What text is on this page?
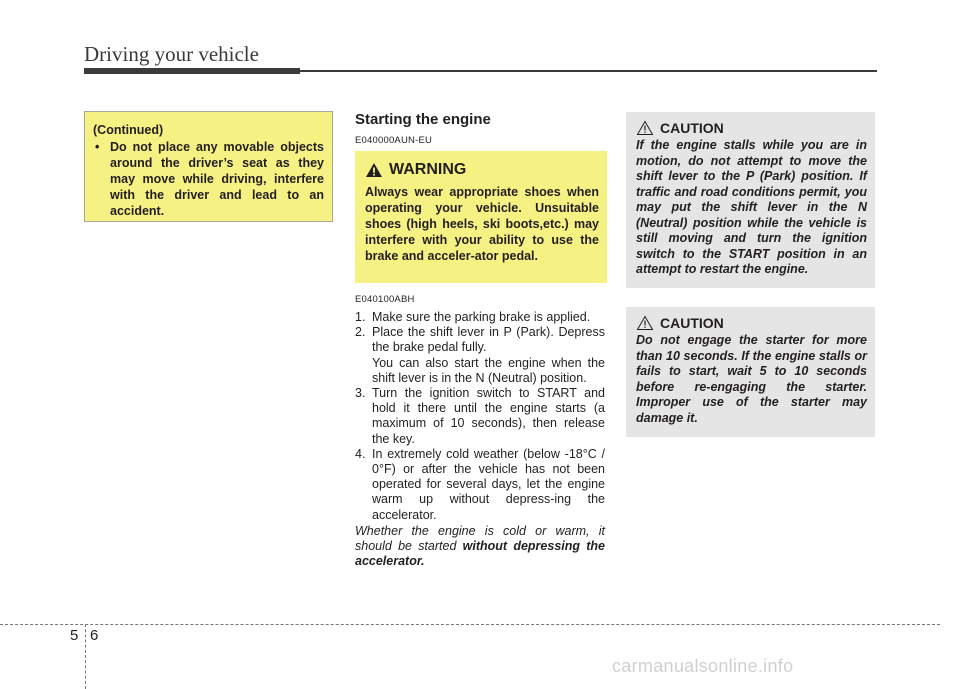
Driving your vehicle
(Continued)
• Do not place any movable objects around the driver’s seat as they may move while driving, interfere with the driver and lead to an accident.
Starting the engine
E040000AUN-EU
WARNING
Always wear appropriate shoes when operating your vehicle. Unsuitable shoes (high heels, ski boots,etc.) may interfere with your ability to use the brake and acceler-ator pedal.
E040100ABH
1. Make sure the parking brake is applied.
2. Place the shift lever in P (Park). Depress the brake pedal fully.
You can also start the engine when the shift lever is in the N (Neutral) position.
3. Turn the ignition switch to START and hold it there until the engine starts (a maximum of 10 seconds), then release the key.
4. In extremely cold weather (below -18°C / 0°F) or after the vehicle has not been operated for several days, let the engine warm up without depress-ing the accelerator.
Whether the engine is cold or warm, it should be started without depressing the accelerator.
CAUTION
If the engine stalls while you are in motion, do not attempt to move the shift lever to the P (Park) position. If traffic and road conditions permit, you may put the shift lever in the N (Neutral) position while the vehicle is still moving and turn the ignition switch to the START position in an attempt to restart the engine.
CAUTION
Do not engage the starter for more than 10 seconds. If the engine stalls or fails to start, wait 5 to 10 seconds before re-engaging the starter. Improper use of the starter may damage it.
5 6
carmanualsonline.info
